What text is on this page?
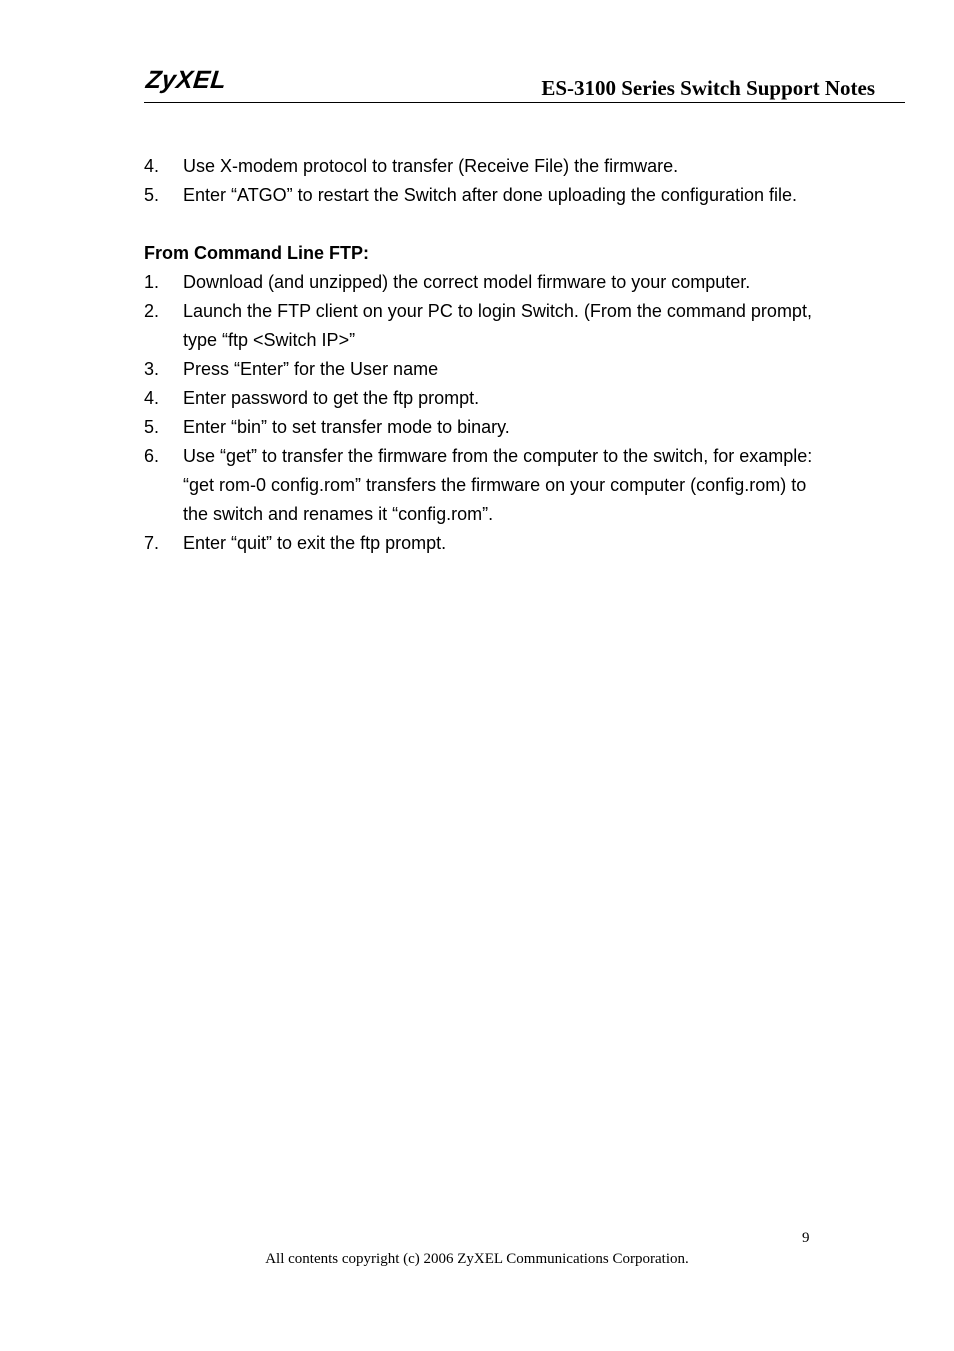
ZyXEL	ES-3100 Series Switch Support Notes
4.	Use X-modem protocol to transfer (Receive File) the firmware.
5.	Enter “ATGO” to restart the Switch after done uploading the configuration file.
From Command Line FTP:
1.	Download (and unzipped) the correct model firmware to your computer.
2.	Launch the FTP client on your PC to login Switch. (From the command prompt, type “ftp <Switch IP>”
3.	Press “Enter” for the User name
4.	Enter password to get the ftp prompt.
5.	Enter “bin” to set transfer mode to binary.
6.	Use “get” to transfer the firmware from the computer to the switch, for example: “get rom-0 config.rom” transfers the firmware on your computer (config.rom) to the switch and renames it “config.rom”.
7.	Enter “quit” to exit the ftp prompt.
9
All contents copyright (c) 2006 ZyXEL Communications Corporation.
